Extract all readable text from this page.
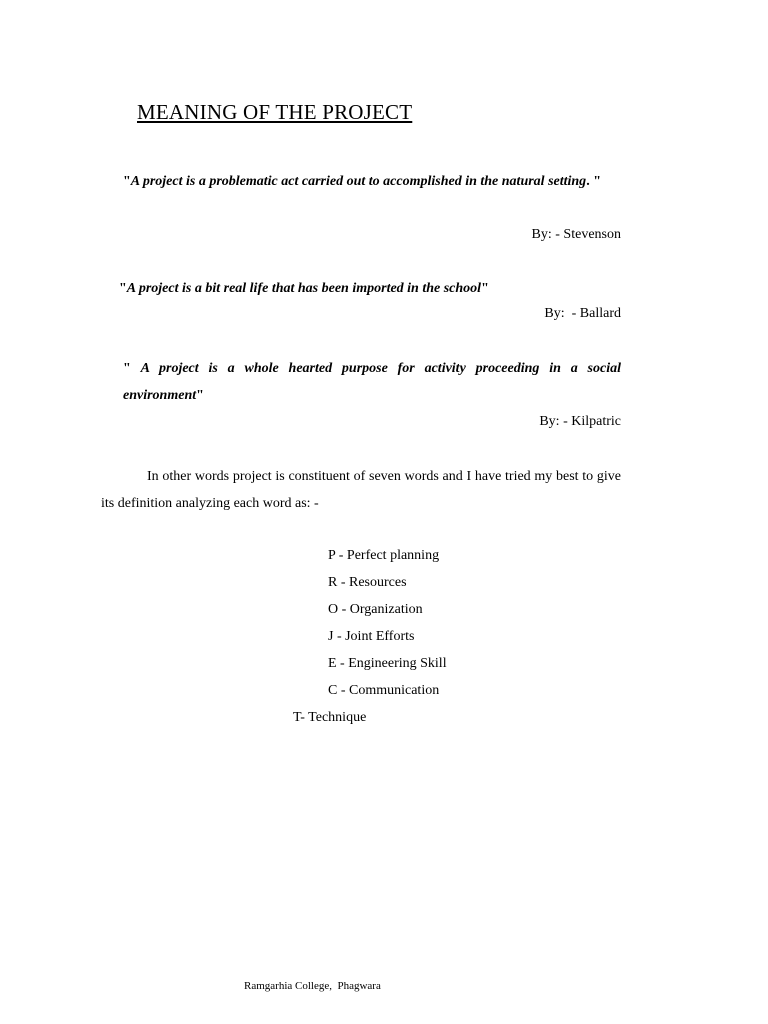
MEANING OF THE PROJECT
"A project is a problematic act carried out to accomplished in the natural setting. "
By: - Stevenson
"A project is a bit real life that has been imported in the school"
By:  - Ballard
" A project is a whole hearted purpose for activity proceeding in a social environment"
By: - Kilpatric
In other words project is constituent of seven words and I have tried my best to give its definition analyzing each word as: -
P - Perfect planning
R - Resources
O - Organization
J - Joint Efforts
E - Engineering Skill
C - Communication
T- Technique
Ramgarhia College,  Phagwara
